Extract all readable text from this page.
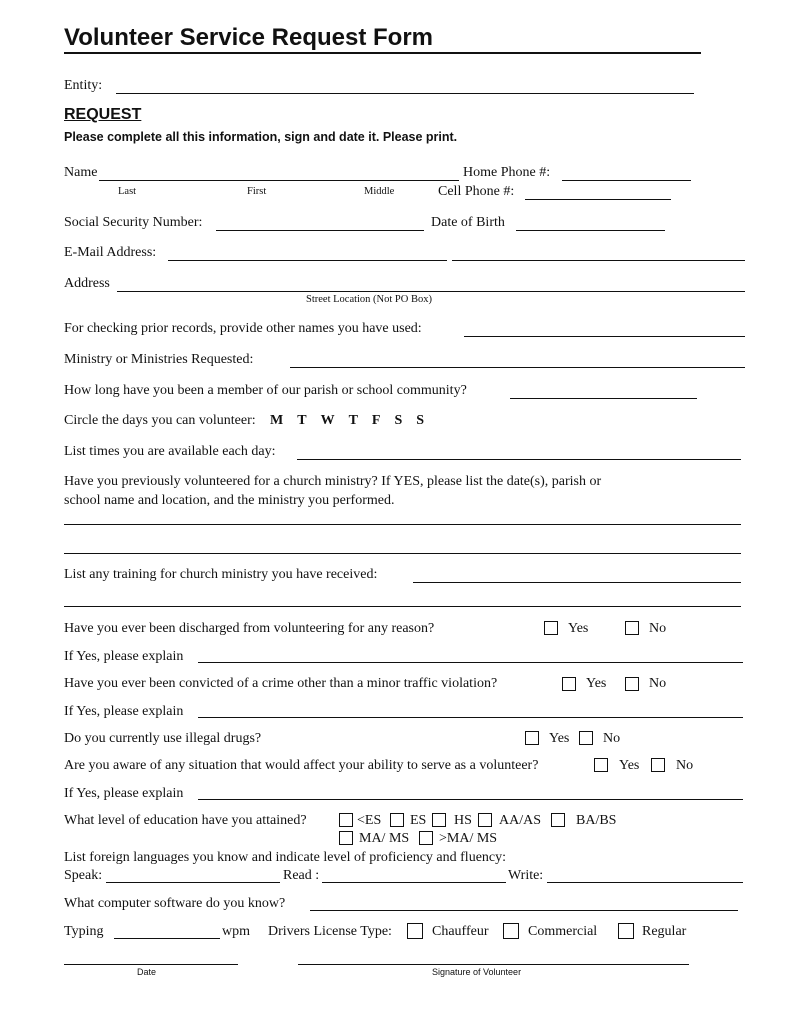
Volunteer Service Request Form
Entity:
REQUEST
Please complete all this information, sign and date it. Please print.
Name	Home Phone #:
Last	First	Middle	Cell Phone #:
Social Security Number:	Date of Birth
E-Mail Address:
Address
Street Location (Not PO Box)
For checking prior records, provide other names you have used:
Ministry or Ministries Requested:
How long have you been a member of our parish or school community?
Circle the days you can volunteer: M T W T F S S
List times you are available each day:
Have you previously volunteered for a church ministry? If YES, please list the date(s), parish or
school name and location, and the ministry you performed.
List any training for church ministry you have received:
Have you ever been discharged from volunteering for any reason?	Yes	No
If Yes, please explain
Have you ever been convicted of a crime other than a minor traffic violation?	Yes	No
If Yes, please explain
Do you currently use illegal drugs?	Yes No
Are you aware of any situation that would affect your ability to serve as a volunteer?	Yes	No
If Yes, please explain
What level of education have you attained?	<ES ES HS AA/AS BA/BS
MA/ MS >MA/ MS
List foreign languages you know and indicate level of proficiency and fluency:
Speak:	Read :	Write:
What computer software do you know?
Typing	wpm Drivers License Type:	Chauffeur	Commercial	Regular
Date	Signature of Volunteer
